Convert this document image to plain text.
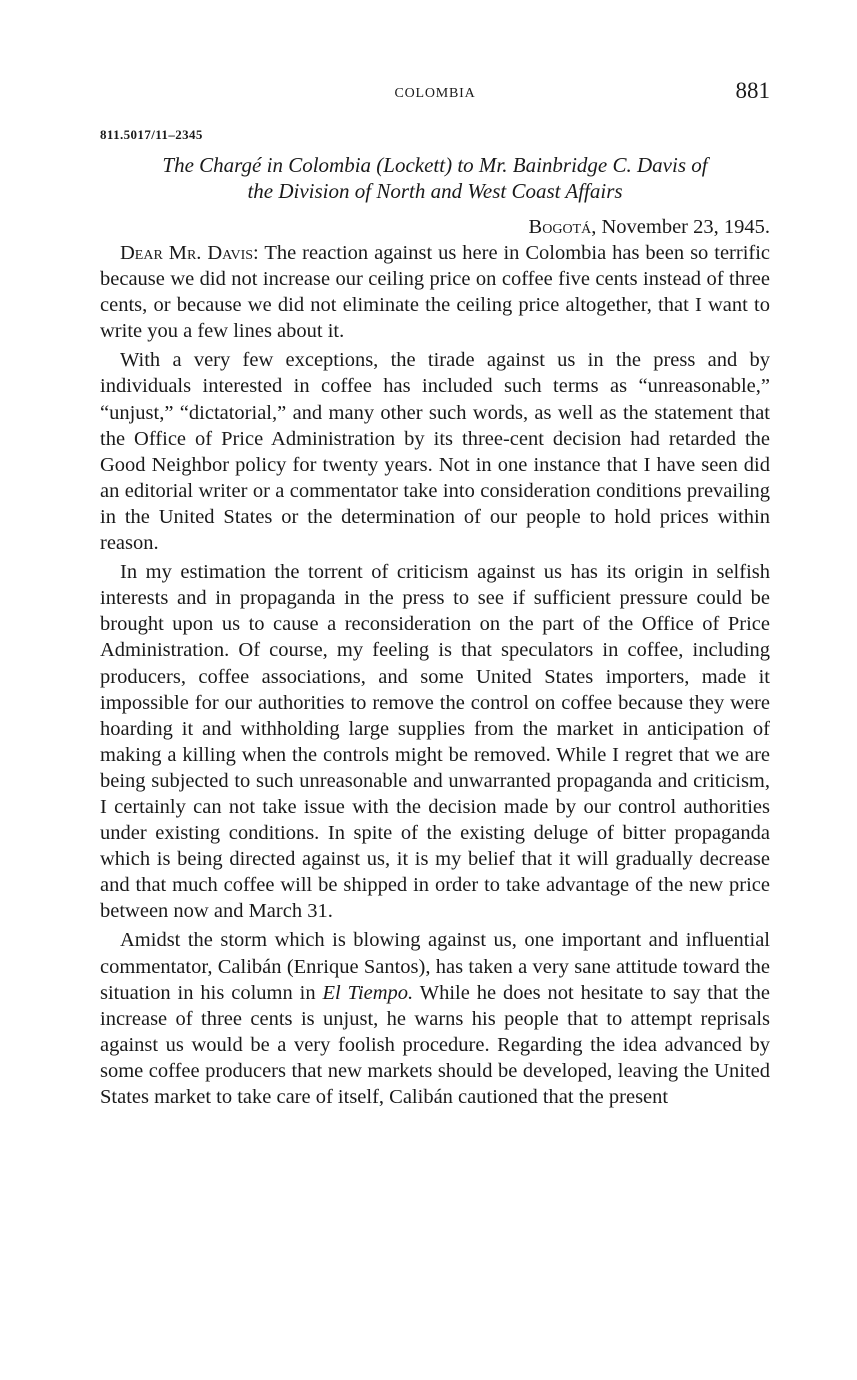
COLOMBIA	881
811.5017/11–2345
The Chargé in Colombia (Lockett) to Mr. Bainbridge C. Davis of
the Division of North and West Coast Affairs
Bogotá, November 23, 1945.

Dear Mr. Davis: The reaction against us here in Colombia has been so terrific because we did not increase our ceiling price on coffee five cents instead of three cents, or because we did not eliminate the ceiling price altogether, that I want to write you a few lines about it.

With a very few exceptions, the tirade against us in the press and by individuals interested in coffee has included such terms as “unreasonable,” “unjust,” “dictatorial,” and many other such words, as well as the statement that the Office of Price Administration by its three-cent decision had retarded the Good Neighbor policy for twenty years. Not in one instance that I have seen did an editorial writer or a commentator take into consideration conditions prevailing in the United States or the determination of our people to hold prices within reason.

In my estimation the torrent of criticism against us has its origin in selfish interests and in propaganda in the press to see if sufficient pressure could be brought upon us to cause a reconsideration on the part of the Office of Price Administration. Of course, my feeling is that speculators in coffee, including producers, coffee associations, and some United States importers, made it impossible for our authorities to remove the control on coffee because they were hoarding it and withholding large supplies from the market in anticipation of making a killing when the controls might be removed. While I regret that we are being subjected to such unreasonable and unwarranted propaganda and criticism, I certainly can not take issue with the decision made by our control authorities under existing conditions. In spite of the existing deluge of bitter propaganda which is being directed against us, it is my belief that it will gradually decrease and that much coffee will be shipped in order to take advantage of the new price between now and March 31.

Amidst the storm which is blowing against us, one important and influential commentator, Calibán (Enrique Santos), has taken a very sane attitude toward the situation in his column in El Tiempo. While he does not hesitate to say that the increase of three cents is unjust, he warns his people that to attempt reprisals against us would be a very foolish procedure. Regarding the idea advanced by some coffee producers that new markets should be developed, leaving the United States market to take care of itself, Calibán cautioned that the present
